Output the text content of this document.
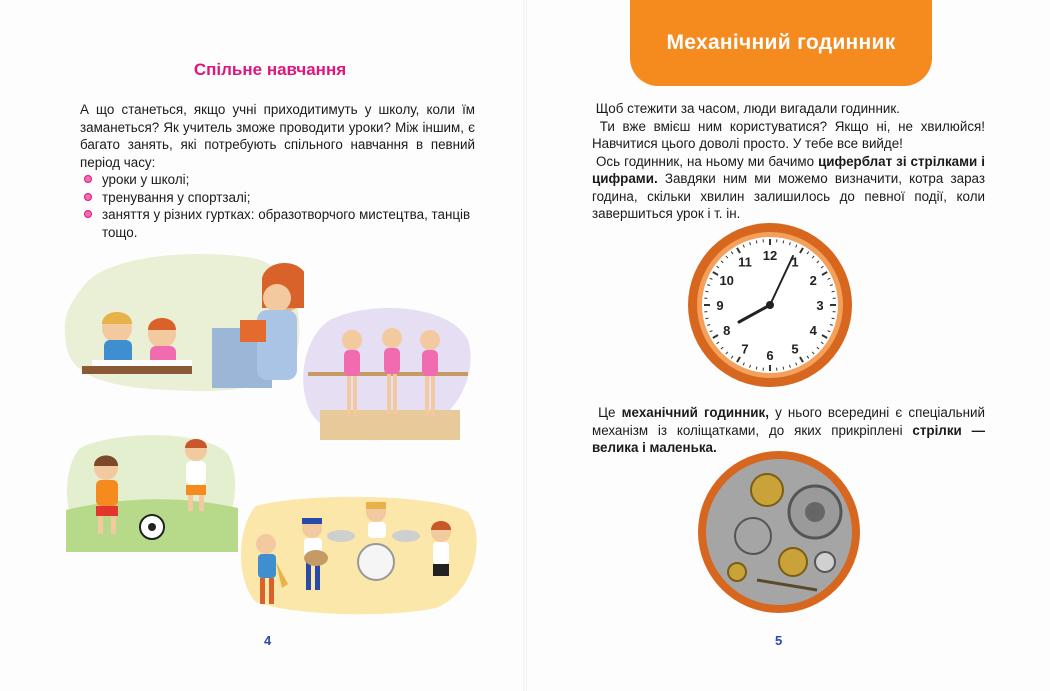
Спільне навчання

А що станеться, якщо учні приходитимуть у школу, коли їм заманеться? Як учитель зможе проводити уроки? Між іншим, є багато занять, які потребують спільного навчання в певний період часу:

уроки у школі;
тренування у спортзалі;
заняття у різних гуртках: образотворчого мистецтва, танців тощо.
4
Механічний годинник

Щоб стежити за часом, люди вигадали годинник.

Ти вже вмієш ним користуватися? Якщо ні, не хвилюйся! Навчитися цього доволі просто. У тебе все вийде!

Ось годинник, на ньому ми бачимо циферблат зі стрілками і цифрами. Завдяки ним ми можемо визначити, котра зараз година, скільки хвилин залишилось до певної події, коли завершиться урок і т. ін.

12 1
2
3
4
5
6
7
8
9
10
11

Це механічний годинник, у нього всередині є спеціальний механізм із коліщатками, до яких прикріплені стрілки — велика і маленька.

5
